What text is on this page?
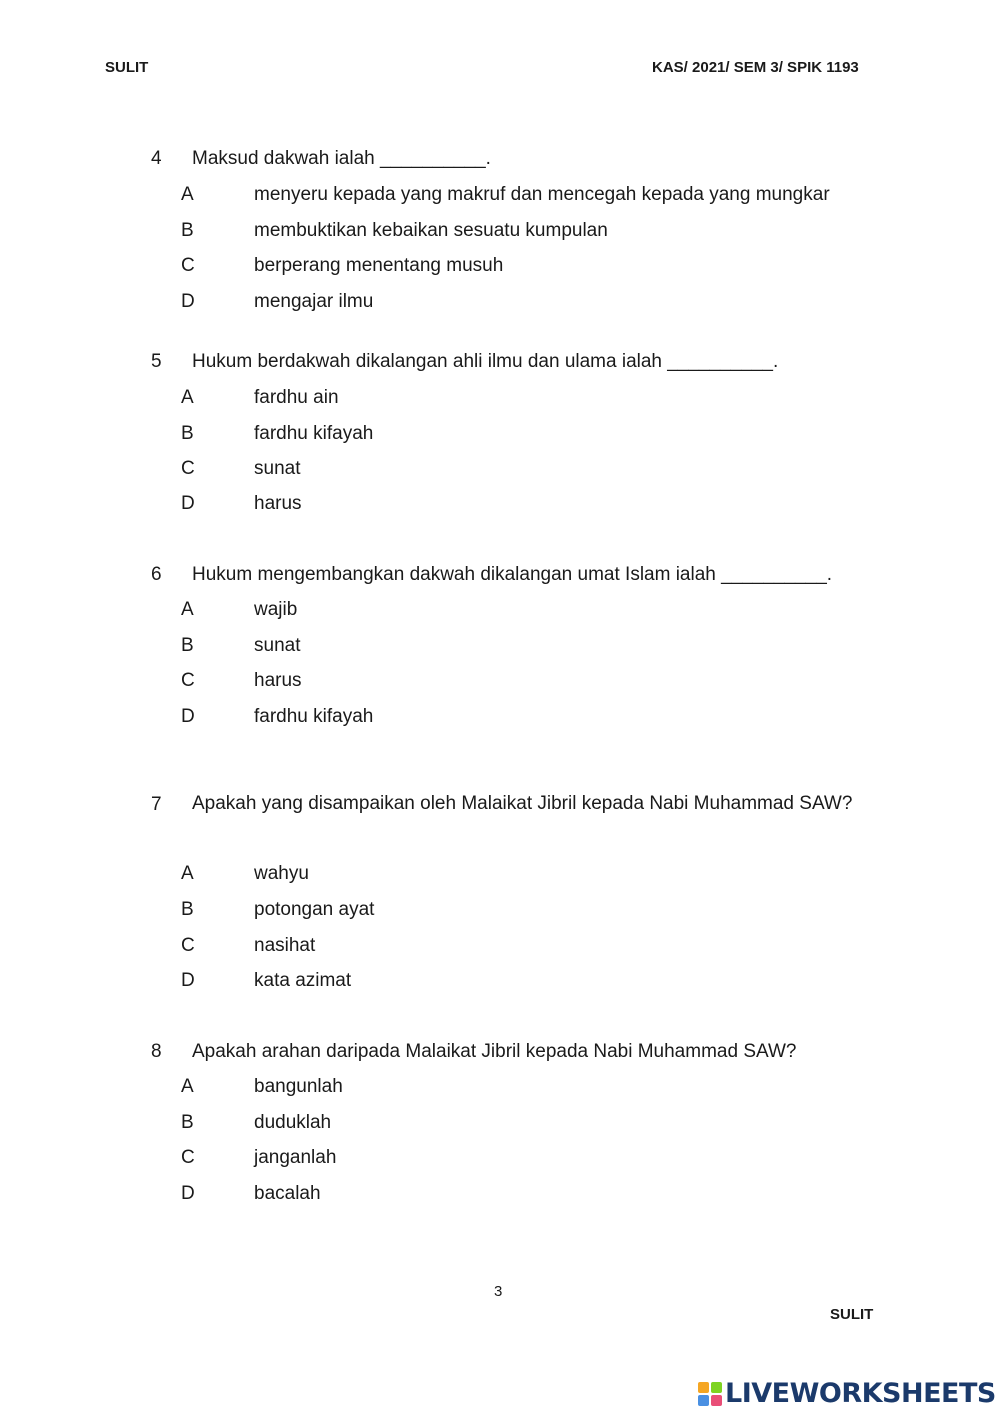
SULIT	KAS/ 2021/ SEM 3/ SPIK 1193
4 Maksud dakwah ialah __________.
A	menyeru kepada yang makruf dan mencegah kepada yang mungkar
B	membuktikan kebaikan sesuatu kumpulan
C	berperang menentang musuh
D	mengajar ilmu
5 Hukum berdakwah dikalangan ahli ilmu dan ulama ialah __________.
A	fardhu ain
B	fardhu kifayah
C	sunat
D	harus
6 Hukum mengembangkan dakwah dikalangan umat Islam ialah __________.
A	wajib
B	sunat
C	harus
D	fardhu kifayah
7 Apakah yang disampaikan oleh Malaikat Jibril kepada Nabi Muhammad SAW?
A	wahyu
B	potongan ayat
C	nasihat
D	kata azimat
8 Apakah arahan daripada Malaikat Jibril kepada Nabi Muhammad SAW?
A	bangunlah
B	duduklah
C	janganlah
D	bacalah
3
SULIT
LIVEWORKSHEETS
